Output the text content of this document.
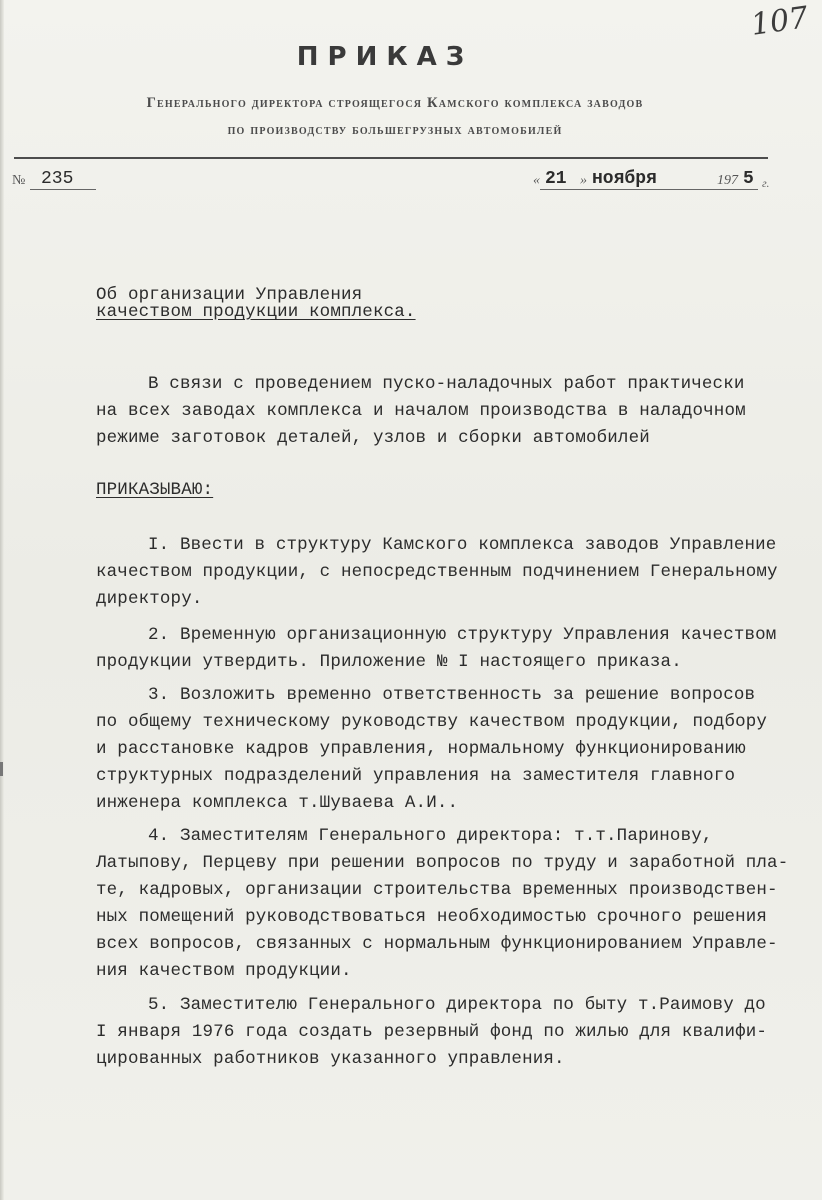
107
ПРИКАЗ
Генерального директора строящегося Камского комплекса заводов
по производству большегрузных автомобилей
№ 235	« 21 » ноября	197 5 г.
Об организации Управления
качеством продукции комплекса.
В связи с проведением пуско-наладочных работ практически
на всех заводах комплекса и началом производства в наладочном
режиме заготовок деталей, узлов и сборки автомобилей
ПРИКАЗЫВАЮ:
I. Ввести в структуру Камского комплекса заводов Управление
качеством продукции, с непосредственным подчинением Генеральному
директору.
2. Временную организационную структуру Управления качеством
продукции утвердить. Приложение № I настоящего приказа.
3. Возложить временно ответственность за решение вопросов
по общему техническому руководству качеством продукции, подбору
и расстановке кадров управления, нормальному функционированию
структурных подразделений управления на заместителя главного
инженера комплекса т.Шуваева А.И..
4. Заместителям Генерального директора: т.т.Паринову,
Латыпову, Перцеву при решении вопросов по труду и заработной пла-
те, кадровых, организации строительства временных производствен-
ных помещений руководствоваться необходимостью срочного решения
всех вопросов, связанных с нормальным функционированием Управле-
ния качеством продукции.
5. Заместителю Генерального директора по быту т.Раимову до
I января 1976 года создать резервный фонд по жилью для квалифи-
цированных работников указанного управления.
